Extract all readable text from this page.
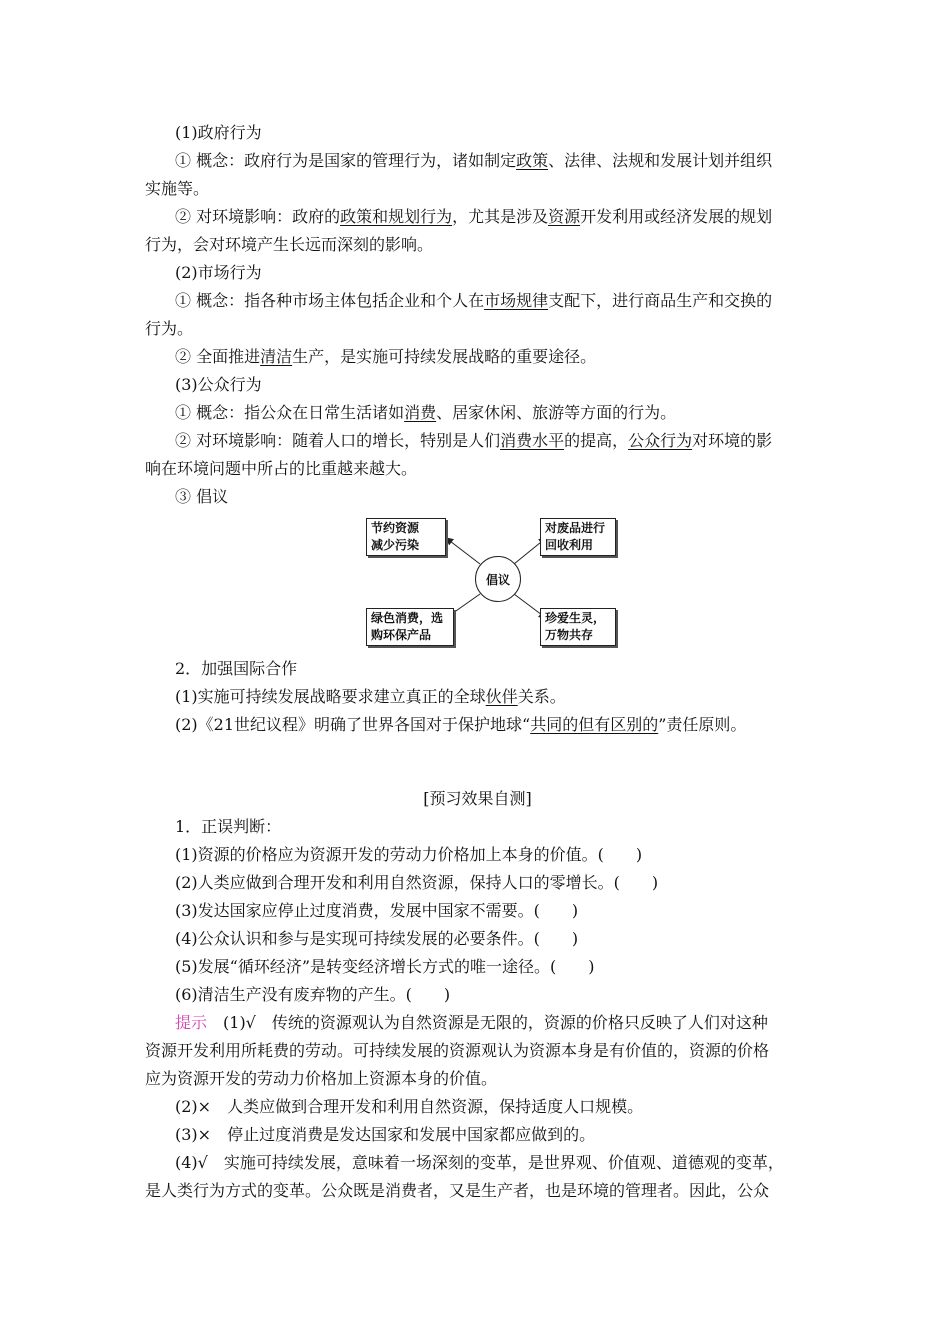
(1)政府行为
① 概念：政府行为是国家的管理行为，诸如制定政策、法律、法规和发展计划并组织
实施等。
② 对环境影响：政府的政策和规划行为，尤其是涉及资源开发利用或经济发展的规划
行为，会对环境产生长远而深刻的影响。
(2)市场行为
① 概念：指各种市场主体包括企业和个人在市场规律支配下，进行商品生产和交换的
行为。
② 全面推进清洁生产，是实施可持续发展战略的重要途径。
(3)公众行为
① 概念：指公众在日常生活诸如消费、居家休闲、旅游等方面的行为。
② 对环境影响：随着人口的增长，特别是人们消费水平的提高，公众行为对环境的影
响在环境问题中所占的比重越来越大。
③ 倡议
节约资源
减少污染
对废品进行
回收利用
倡议
绿色消费，选
购环保产品
珍爱生灵，
万物共存
2．加强国际合作
(1)实施可持续发展战略要求建立真正的全球伙伴关系。
(2)《21世纪议程》明确了世界各国对于保护地球“共同的但有区别的”责任原则。
[预习效果自测]
1．正误判断：
(1)资源的价格应为资源开发的劳动力价格加上本身的价值。(　　)
(2)人类应做到合理开发和利用自然资源，保持人口的零增长。(　　)
(3)发达国家应停止过度消费，发展中国家不需要。(　　)
(4)公众认识和参与是实现可持续发展的必要条件。(　　)
(5)发展“循环经济”是转变经济增长方式的唯一途径。(　　)
(6)清洁生产没有废弃物的产生。(　　)
提示　(1)√　传统的资源观认为自然资源是无限的，资源的价格只反映了人们对这种
资源开发利用所耗费的劳动。可持续发展的资源观认为资源本身是有价值的，资源的价格
应为资源开发的劳动力价格加上资源本身的价值。
(2)×　人类应做到合理开发和利用自然资源，保持适度人口规模。
(3)×　停止过度消费是发达国家和发展中国家都应做到的。
(4)√　实施可持续发展，意味着一场深刻的变革，是世界观、价值观、道德观的变革，
是人类行为方式的变革。公众既是消费者，又是生产者，也是环境的管理者。因此，公众
